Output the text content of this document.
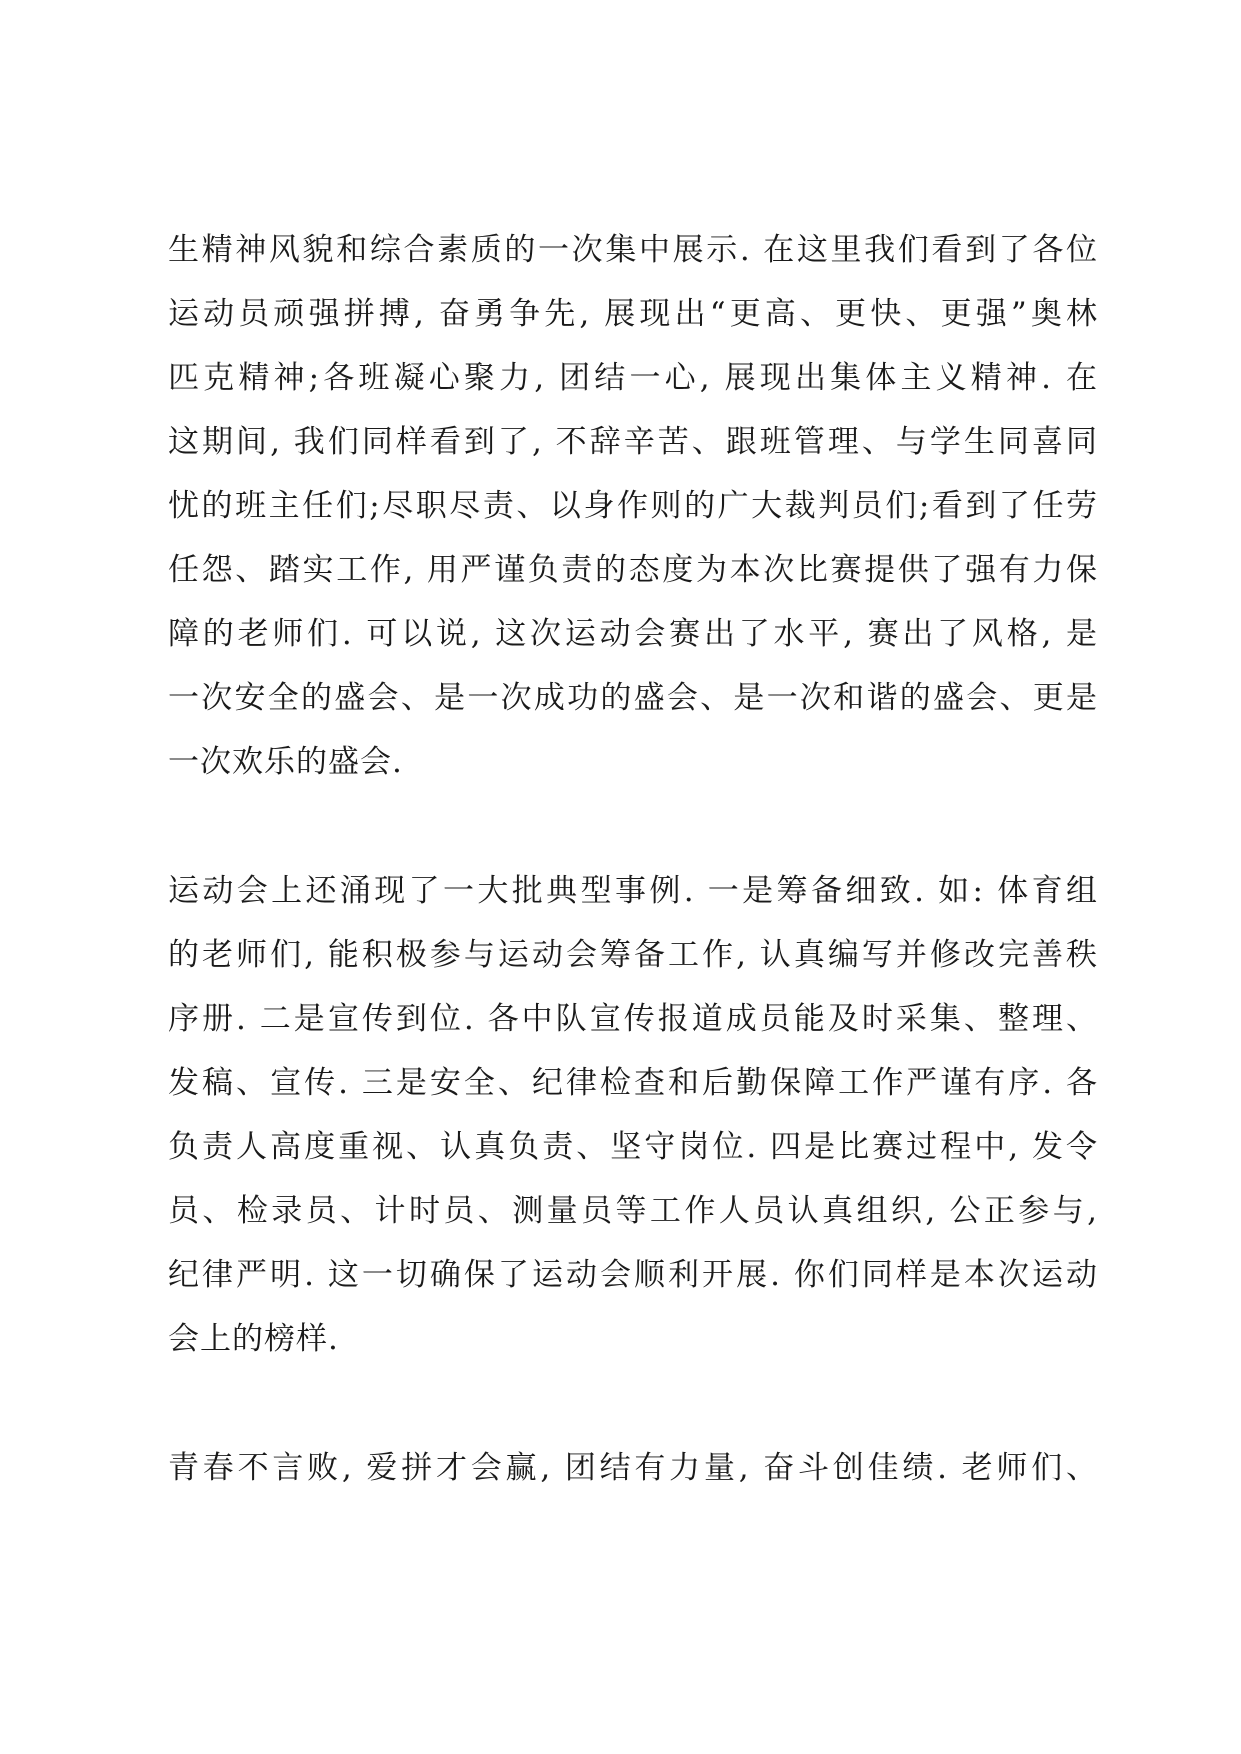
生精神风貌和综合素质的一次集中展示. 在这里我们看到了各位
运动员顽强拼搏, 奋勇争先, 展现出“更高、更快、更强”奥林
匹克精神;各班凝心聚力, 团结一心, 展现出集体主义精神. 在
这期间, 我们同样看到了, 不辞辛苦、跟班管理、与学生同喜同
忧的班主任们;尽职尽责、以身作则的广大裁判员们;看到了任劳
任怨、踏实工作, 用严谨负责的态度为本次比赛提供了强有力保
障的老师们. 可以说, 这次运动会赛出了水平, 赛出了风格, 是
一次安全的盛会、是一次成功的盛会、是一次和谐的盛会、更是
一次欢乐的盛会.
运动会上还涌现了一大批典型事例. 一是筹备细致. 如: 体育组
的老师们, 能积极参与运动会筹备工作, 认真编写并修改完善秩
序册. 二是宣传到位. 各中队宣传报道成员能及时采集、整理、
发稿、宣传. 三是安全、纪律检查和后勤保障工作严谨有序. 各
负责人高度重视、认真负责、坚守岗位. 四是比赛过程中, 发令
员、检录员、计时员、测量员等工作人员认真组织, 公正参与,
纪律严明. 这一切确保了运动会顺利开展. 你们同样是本次运动
会上的榜样.
青春不言败, 爱拼才会赢, 团结有力量, 奋斗创佳绩. 老师们、
